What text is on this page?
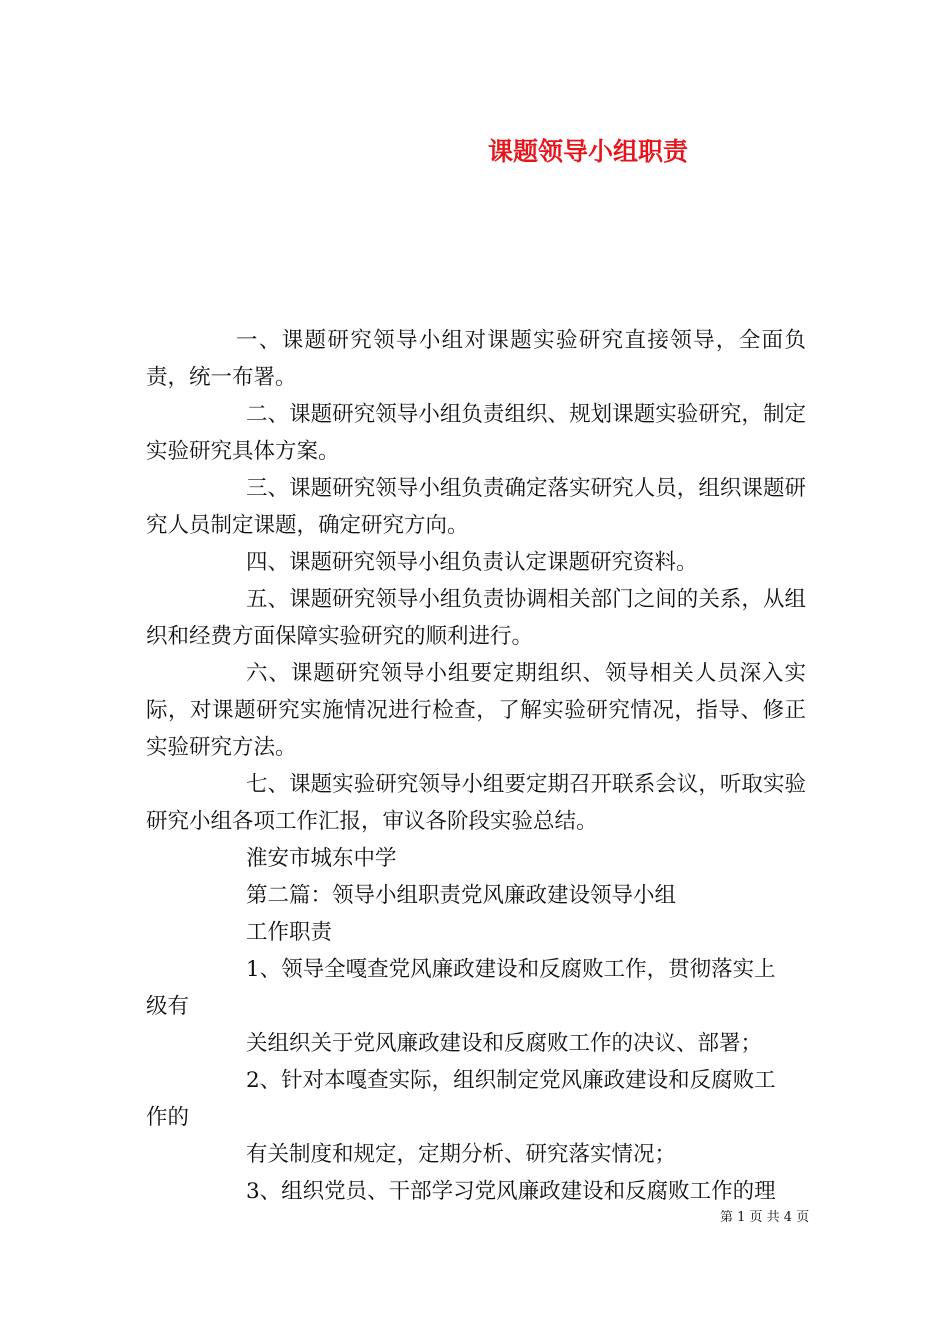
课题领导小组职责

一、课题研究领导小组对课题实验研究直接领导，全面负责，统一布署。

二、课题研究领导小组负责组织、规划课题实验研究，制定实验研究具体方案。

三、课题研究领导小组负责确定落实研究人员，组织课题研究人员制定课题，确定研究方向。

四、课题研究领导小组负责认定课题研究资料。

五、课题研究领导小组负责协调相关部门之间的关系，从组织和经费方面保障实验研究的顺利进行。

六、课题研究领导小组要定期组织、领导相关人员深入实际，对课题研究实施情况进行检查，了解实验研究情况，指导、修正实验研究方法。

七、课题实验研究领导小组要定期召开联系会议，听取实验研究小组各项工作汇报，审议各阶段实验总结。

淮安市城东中学

第二篇：领导小组职责党风廉政建设领导小组

工作职责

1、领导全嘎查党风廉政建设和反腐败工作，贯彻落实上

级有

关组织关于党风廉政建设和反腐败工作的决议、部署；

2、针对本嘎查实际，组织制定党风廉政建设和反腐败工

作的

有关制度和规定，定期分析、研究落实情况；

3、组织党员、干部学习党风廉政建设和反腐败工作的理

第 1 页 共 4 页
